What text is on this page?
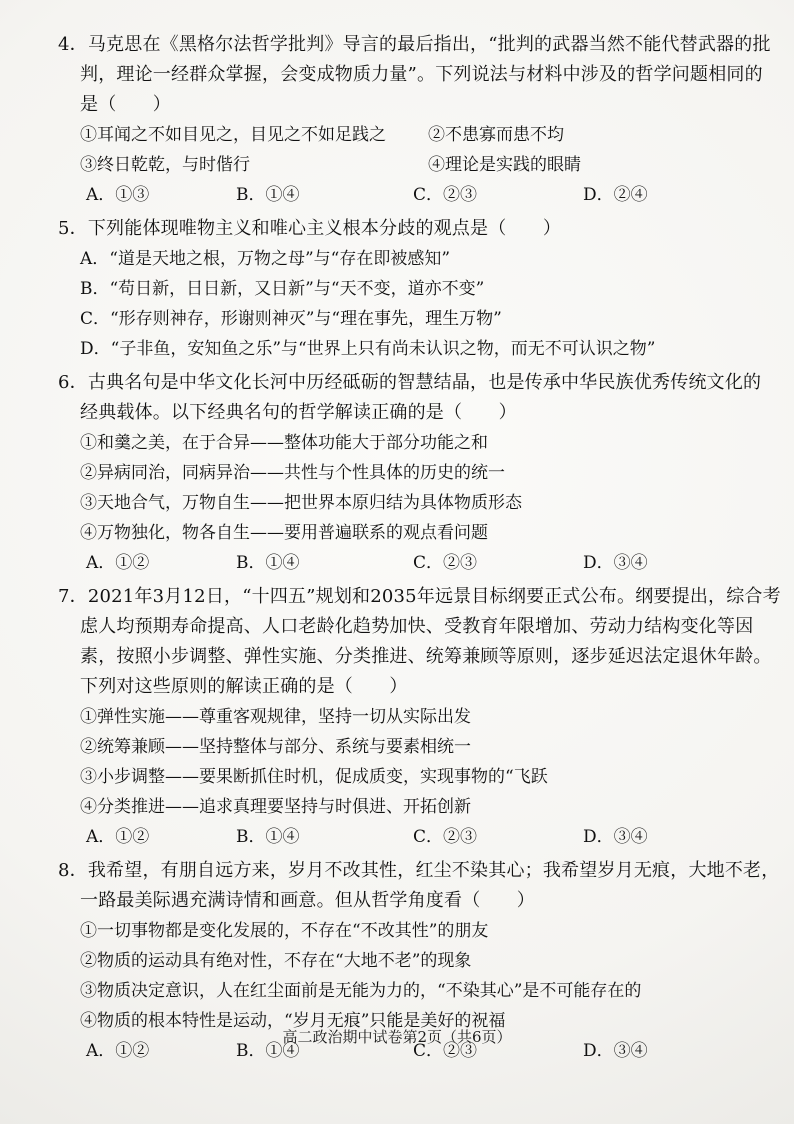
4．马克思在《黑格尔法哲学批判》导言的最后指出，“批判的武器当然不能代替武器的批
判，理论一经群众掌握，会变成物质力量”。下列说法与材料中涉及的哲学问题相同的
是（　　）
①耳闻之不如目见之，目见之不如足践之 ②不患寡而患不均
③终日乾乾，与时偕行	④理论是实践的眼睛
A．①③	B．①④	C．②③	D．②④
5．下列能体现唯物主义和唯心主义根本分歧的观点是（　　）
A．“道是天地之根，万物之母”与“存在即被感知”
B．“苟日新，日日新，又日新”与“天不变，道亦不变”
C．“形存则神存，形谢则神灭”与“理在事先，理生万物”
D．“子非鱼，安知鱼之乐”与“世界上只有尚未认识之物，而无不可认识之物”
6．古典名句是中华文化长河中历经砥砺的智慧结晶，也是传承中华民族优秀传统文化的
经典载体。以下经典名句的哲学解读正确的是（　　）
①和羹之美，在于合异——整体功能大于部分功能之和
②异病同治，同病异治——共性与个性具体的历史的统一
③天地合气，万物自生——把世界本原归结为具体物质形态
④万物独化，物各自生——要用普遍联系的观点看问题
A．①②	B．①④	C．②③	D．③④
7．2021年3月12日，“十四五”规划和2035年远景目标纲要正式公布。纲要提出，综合考
虑人均预期寿命提高、人口老龄化趋势加快、受教育年限增加、劳动力结构变化等因
素，按照小步调整、弹性实施、分类推进、统筹兼顾等原则，逐步延迟法定退休年龄。
下列对这些原则的解读正确的是（　　）
①弹性实施——尊重客观规律，坚持一切从实际出发
②统筹兼顾——坚持整体与部分、系统与要素相统一
③小步调整——要果断抓住时机，促成质变，实现事物的“飞跃
④分类推进——追求真理要坚持与时俱进、开拓创新
A．①②	B．①④	C．②③	D．③④
8．我希望，有朋自远方来，岁月不改其性，红尘不染其心；我希望岁月无痕，大地不老，
一路最美际遇充满诗情和画意。但从哲学角度看（　　）
①一切事物都是变化发展的，不存在“不改其性”的朋友
②物质的运动具有绝对性，不存在“大地不老”的现象
③物质决定意识，人在红尘面前是无能为力的，“不染其心”是不可能存在的
④物质的根本特性是运动，“岁月无痕”只能是美好的祝福
A．①②	B．①④	C．②③	D．③④
高二政治期中试卷第2页（共6页）
